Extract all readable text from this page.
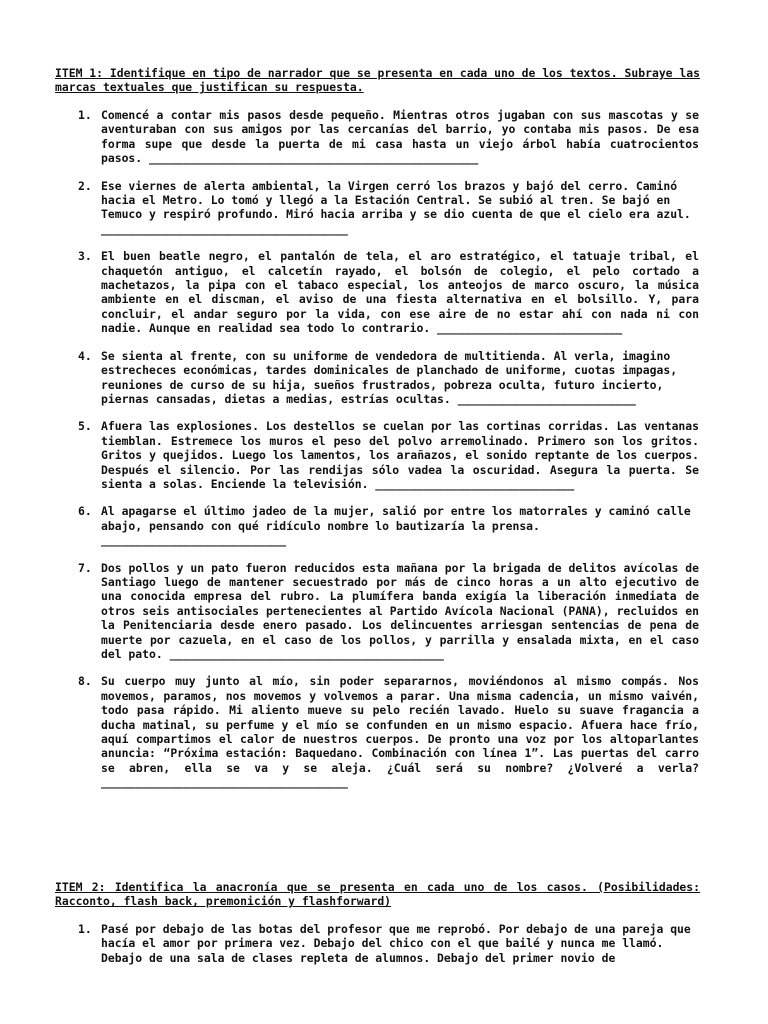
ITEM 1: Identifique en tipo de narrador que se presenta en cada uno de los textos. Subraye las marcas textuales que justifican su respuesta.

1. Comencé a contar mis pasos desde pequeño. Mientras otros jugaban con sus mascotas y se aventuraban con sus amigos por las cercanías del barrio, yo contaba mis pasos. De esa forma supe que desde la puerta de mi casa hasta un viejo árbol había cuatrocientos pasos. ________________________________________________
2. Ese viernes de alerta ambiental, la Virgen cerró los brazos y bajó del cerro. Caminó hacia el Metro. Lo tomó y llegó a la Estación Central. Se subió al tren. Se bajó en Temuco y respiró profundo. Miró hacia arriba y se dio cuenta de que el cielo era azul. ____________________________________
3. El buen beatle negro, el pantalón de tela, el aro estratégico, el tatuaje tribal, el chaquetón antiguo, el calcetín rayado, el bolsón de colegio, el pelo cortado a machetazos, la pipa con el tabaco especial, los anteojos de marco oscuro, la música ambiente en el discman, el aviso de una fiesta alternativa en el bolsillo. Y, para concluir, el andar seguro por la vida, con ese aire de no estar ahí con nada ni con nadie. Aunque en realidad sea todo lo contrario. ___________________________
4. Se sienta al frente, con su uniforme de vendedora de multitienda. Al verla, imagino estrecheces económicas, tardes dominicales de planchado de uniforme, cuotas impagas, reuniones de curso de su hija, sueños frustrados, pobreza oculta, futuro incierto, piernas cansadas, dietas a medias, estrías ocultas. __________________________
5. Afuera las explosiones. Los destellos se cuelan por las cortinas corridas. Las ventanas tiemblan. Estremece los muros el peso del polvo arremolinado. Primero son los gritos. Gritos y quejidos. Luego los lamentos, los arañazos, el sonido reptante de los cuerpos. Después el silencio. Por las rendijas sólo vadea la oscuridad. Asegura la puerta. Se sienta a solas. Enciende la televisión. _____________________________
6. Al apagarse el último jadeo de la mujer, salió por entre los matorrales y caminó calle abajo, pensando con qué ridículo nombre lo bautizaría la prensa. ___________________________
7. Dos pollos y un pato fueron reducidos esta mañana por la brigada de delitos avícolas de Santiago luego de mantener secuestrado por más de cinco horas a un alto ejecutivo de una conocida empresa del rubro. La plumífera banda exigía la liberación inmediata de otros seis antisociales pertenecientes al Partido Avícola Nacional (PANA), recluidos en la Penitenciaria desde enero pasado. Los delincuentes arriesgan sentencias de pena de muerte por cazuela, en el caso de los pollos, y parrilla y ensalada mixta, en el caso del pato. ________________________________________
8. Su cuerpo muy junto al mío, sin poder separarnos, moviéndonos al mismo compás. Nos movemos, paramos, nos movemos y volvemos a parar. Una misma cadencia, un mismo vaivén, todo pasa rápido. Mi aliento mueve su pelo recién lavado. Huelo su suave fragancia a ducha matinal, su perfume y el mío se confunden en un mismo espacio. Afuera hace frío, aquí compartimos el calor de nuestros cuerpos. De pronto una voz por los altoparlantes anuncia: “Próxima estación: Baquedano. Combinación con línea 1”. Las puertas del carro se abren, ella se va y se aleja. ¿Cuál será su nombre? ¿Volveré a verla? ____________________________________

ITEM 2: Identifica la anacronía que se presenta en cada uno de los casos. (Posibilidades: Racconto, flash back, premonición y flashforward)

1. Pasé por debajo de las botas del profesor que me reprobó. Por debajo de una pareja que hacía el amor por primera vez. Debajo del chico con el que bailé y nunca me llamó. Debajo de una sala de clases repleta de alumnos. Debajo del primer novio de
